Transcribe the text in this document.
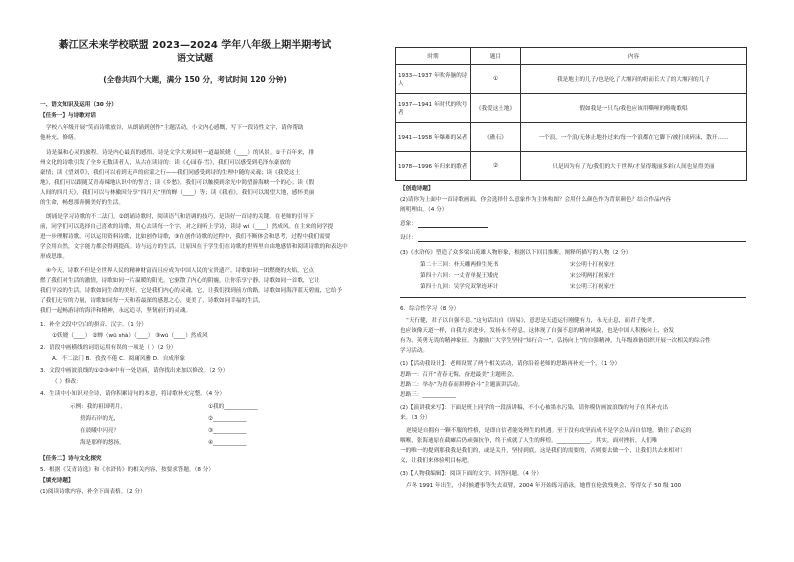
綦江区未来学校联盟 2023—2024 学年八年级上期半期考试
语文试题
(全卷共四个大题，满分 150 分，考试时间 120 分钟)
一、语文知识及运用（30 分）
【任务一】与诗歌对话
学校八年级开展“笑而诗歌放谷，从朗诵到创作”主题活动，小文内心感慨，写下一段诗性文字，请你帮助
他补充、修缮。
诗是温和心灵的旅程。诗是内心最真的感悟，诗是文学大观园里一道最妖娆（____）的风景。①千百年来，排
州文化的诗歌引发了全乡无数读者人，从古在读诗的：读《心园春·雪》，我们可以感受到毛泽东豪放的
豪情；读《望刘草》，我们可以看到无声的宿蒙之行——我们同感受到诗的生理中随的灵魂；读《我爱这土
地》，我们可以跟随艾青毒辣地认识中的誓言；读《乡愁》，我们可以触摸到余光中渴望游海峡一个的心；读《假
人间的四月天》，我们可以与林徽因分享“四月天”里的蝉（____）等；读《我看》，我们可以渴望大地，感怀美丽
的生命，畅想那奔腾美好的生活。
朗诵是学习诗歌的不二法门。②朗诵诗歌时，阅读语气和语调的技巧，是读好一首诗的关键。在老师的引导下
前，同学们可以选择自己喜欢的诗歌，用心去读每一个字，对之间听上学诗，读诗 wí（____）然成风。在主来的同学提
进一步理解诗歌，可以运用资料诗歌，比如创作诗歌，③在创作诗歌的过程中，我们不断体会和思考，过程中我们需要
学会用自然，文字能力都会得到提高。诗与远方的生活，让原因在于学生们在诗歌的世界里自由地感悟和阅读诗歌的和表达中
形成思维。
④今天，诗歌不但是全世界人民的精神财富而且应成为中国人民的宝贵遗产。诗歌如同一团燃烧的火焰，它点
燃了我们对生活的激情，诗歌如同一片温暖的阳光，它驱散了内心的阴霾，让你乐享宁静。诗歌如同一首歌，它让
我们平凉的生活，诗歌如同生命的美好，它是我们内心的灵魂，它，让我们找到前方的路。诗歌如同海洋蓝天碧霞，它给予
了我们无穷的力量，诗歌如同每一天和着最深的感恩之心，更美了，诗歌如同幸福的生活，
我们一起畅游诗的海洋和精神，永远追寻，坚韧前行的灵魂。
1．补全文段中空白的拼音、汉字。（1 分）
①妖娆（____） ②蝉（wū shà）（____） ③wū（____）然成风
2．语段中画横线的词语运用有误的一项是（ ）（2 分）
A．不二法门 B．孜孜不倦 C．阅庸风雅 D．自成形象
3．文段中画波浪线的①②③④中有一处语病，请你找出来加以修改。（2 分）
（ ）修改：
4．生读中小知识对全诗，请你积累诗句的本意，将诗歌补充完整。（4 分）
示例：我的祖国明月，
傍海石岸的光，
在晨曦中闪亮？
海是那样的悠扬，
①我的____________
②____________
③____________
④____________
【任务二】诗与文化探究
5．根据《艾青诗选》和《水浒传》的相关内容，按要求答题。（8 分）
【填充诗题】
(1)阅读诗歌内容，补全下面表格。（2 分）
时期	题目	内容
1933—1937 年吹奔脑的诗人	①	我是地主的儿子/也是吃了大堰河的奶而长大了的大堰河的儿子
1937—1941 年时代的吹号者	《我爱这土地》	假如我是一只鸟/我也应该用嘶哑的喉咙歌唱
1941—1958 年爆难的呆者	《礁石》	一个浪，一个浪/无休止地扑过来/每一个浪都在它脚下/被打成碎沫，散开……
1978—1996 年归来的歌者	②	只是因为有了光/我们的大千世界/才显得瑰丽多彩/人间也显得美丽
【创造诗题】
(2)请你为上面中一首诗歌画面，你会选择什么意象作为主体构图？会用什么颜色作为背景颜色？结合作品内容
阐明理由。（4 分）
意象：
设计：
(3)《水浒传》塑造了众多梁山英雄人物形象，根据以下回目推断，阐释所描写的人物（2 分）
第二十三回：朴天雕两修生死书	宋公明十打祝家庄
第四十六回：一丈青单捉王矮虎	宋公明两打祝家庄
第四十九回：吴学究双掌连环计	宋公明三打祝家庄
6．综合性学习（8 分）
“天行健，君子以自强不息。”这句话出自《周易》，意思是天道运行刚健有力，永无止息，而君子处世，
也应该像天道一样，自我力求进步，发扬永不停息，这体现了自强不息的精神风貌，也是中国人积极向上、奋发
有为，英勇无畏的精神象征。为激励广大学生坚持“知行合一”，弘扬向上”的自强精神，九年级准备组织开展一次相关的综合性
学习活动。
(1)【活动我设计】：老师设置了两个相关活动，请你沿着老师的思路再补充一个。（1 分）
思路一：召开“青春无悔，奋进最美”主题班会。
思路二：举办“为青春而拼搏奋斗”主题演讲活动。
思路三：____________
(2)【演讲我来写】：下面是班上同学的一段演讲稿，不小心被墨水污染，请你模仿画波浪线的句子在其补充出
来。（3 分）
逆境是自拥有一颗不服的性格，是即自信者能处理生的机遇。至于没有攻坚而成不是学会从而自信地，勤往了命运的
咽喉，张海迪原在截瘫后仍顽强抗争，终于成就了人生的辉煌。____________。其实，面对挫折，人们唯
一的唯一的提到那我我是我们的，或是关升，坚持到底，这是我们的需要的，否则要去做一个，让我们共去来相对！
义，让我们来体验明目标吧。
(3)【人物我编辑】：阅读下面的文字，回答问题。（4 分）
卢冬 1991 年出生，小时候遭事等失去双臂，2004 年开始练习游泳，她曾在伦敦残奥会、等得女子 50 级 100
